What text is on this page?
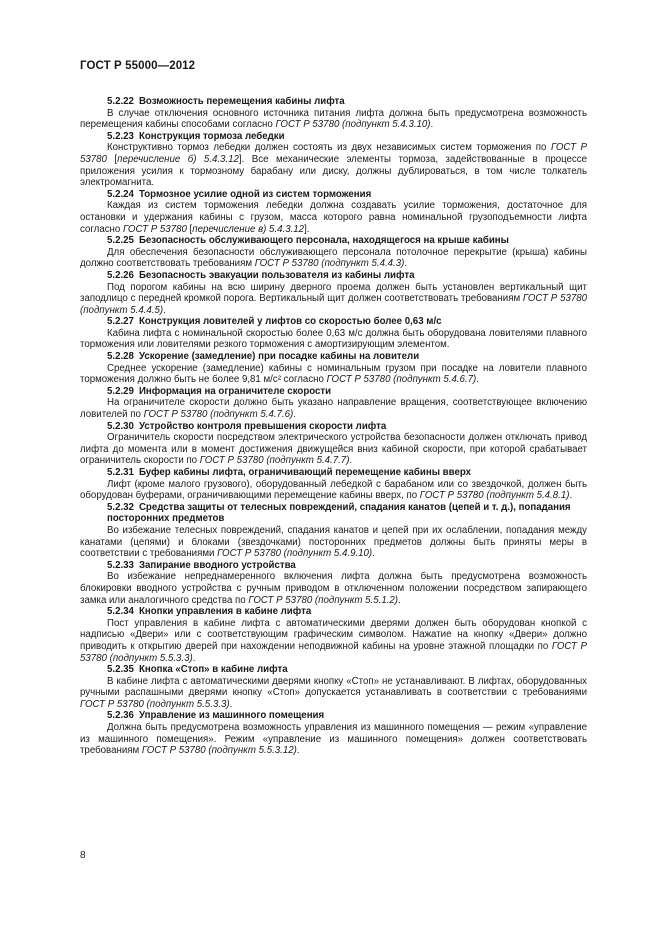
ГОСТ Р 55000—2012

5.2.22 Возможность перемещения кабины лифта

В случае отключения основного источника питания лифта должна быть предусмотрена возможность перемещения кабины способами согласно ГОСТ Р 53780 (подпункт 5.4.3.10).

5.2.23 Конструкция тормоза лебедки

Конструктивно тормоз лебедки должен состоять из двух независимых систем торможения по ГОСТ Р 53780 [перечисление б) 5.4.3.12]. Все механические элементы тормоза, задействованные в процессе приложения усилия к тормозному барабану или диску, должны дублироваться, в том числе толкатель электромагнита.

5.2.24 Тормозное усилие одной из систем торможения

Каждая из систем торможения лебедки должна создавать усилие торможения, достаточное для остановки и удержания кабины с грузом, масса которого равна номинальной грузоподъемности лифта согласно ГОСТ Р 53780 [перечисление в) 5.4.3.12].

5.2.25 Безопасность обслуживающего персонала, находящегося на крыше кабины

Для обеспечения безопасности обслуживающего персонала потолочное перекрытие (крыша) кабины должно соответствовать требованиям ГОСТ Р 53780 (подпункт 5.4.4.3).

5.2.26 Безопасность эвакуации пользователя из кабины лифта

Под порогом кабины на всю ширину дверного проема должен быть установлен вертикальный щит заподлицо с передней кромкой порога. Вертикальный щит должен соответствовать требованиям ГОСТ Р 53780 (подпункт 5.4.4.5).

5.2.27 Конструкция ловителей у лифтов со скоростью более 0,63 м/с

Кабина лифта с номинальной скоростью более 0,63 м/с должна быть оборудована ловителями плавного торможения или ловителями резкого торможения с амортизирующим элементом.

5.2.28 Ускорение (замедление) при посадке кабины на ловители

Среднее ускорение (замедление) кабины с номинальным грузом при посадке на ловители плавного торможения должно быть не более 9,81 м/с² согласно ГОСТ Р 53780 (подпункт 5.4.6.7).

5.2.29 Информация на ограничителе скорости

На ограничителе скорости должно быть указано направление вращения, соответствующее включению ловителей по ГОСТ Р 53780 (подпункт 5.4.7.6).

5.2.30 Устройство контроля превышения скорости лифта

Ограничитель скорости посредством электрического устройства безопасности должен отключать привод лифта до момента или в момент достижения движущейся вниз кабиной скорости, при которой срабатывает ограничитель скорости по ГОСТ Р 53780 (подпункт 5.4.7.7).

5.2.31 Буфер кабины лифта, ограничивающий перемещение кабины вверх

Лифт (кроме малого грузового), оборудованный лебедкой с барабаном или со звездочкой, должен быть оборудован буферами, ограничивающими перемещение кабины вверх, по ГОСТ Р 53780 (подпункт 5.4.8.1).

5.2.32 Средства защиты от телесных повреждений, спадания канатов (цепей и т. д.), попадания посторонних предметов

Во избежание телесных повреждений, спадания канатов и цепей при их ослаблении, попадания между канатами (цепями) и блоками (звездочками) посторонних предметов должны быть приняты меры в соответствии с требованиями ГОСТ Р 53780 (подпункт 5.4.9.10).

5.2.33 Запирание вводного устройства

Во избежание непреднамеренного включения лифта должна быть предусмотрена возможность блокировки вводного устройства с ручным приводом в отключенном положении посредством запирающего замка или аналогичного средства по ГОСТ Р 53780 (подпункт 5.5.1.2).

5.2.34 Кнопки управления в кабине лифта

Пост управления в кабине лифта с автоматическими дверями должен быть оборудован кнопкой с надписью «Двери» или с соответствующим графическим символом. Нажатие на кнопку «Двери» должно приводить к открытию дверей при нахождении неподвижной кабины на уровне этажной площадки по ГОСТ Р 53780 (подпункт 5.5.3.3).

5.2.35 Кнопка «Стоп» в кабине лифта

В кабине лифта с автоматическими дверями кнопку «Стоп» не устанавливают. В лифтах, оборудованных ручными распашными дверями кнопку «Стоп» допускается устанавливать в соответствии с требованиями ГОСТ Р 53780 (подпункт 5.5.3.3).

5.2.36 Управление из машинного помещения

Должна быть предусмотрена возможность управления из машинного помещения — режим «управление из машинного помещения». Режим «управление из машинного помещения» должен соответствовать требованиям ГОСТ Р 53780 (подпункт 5.5.3.12).

8
